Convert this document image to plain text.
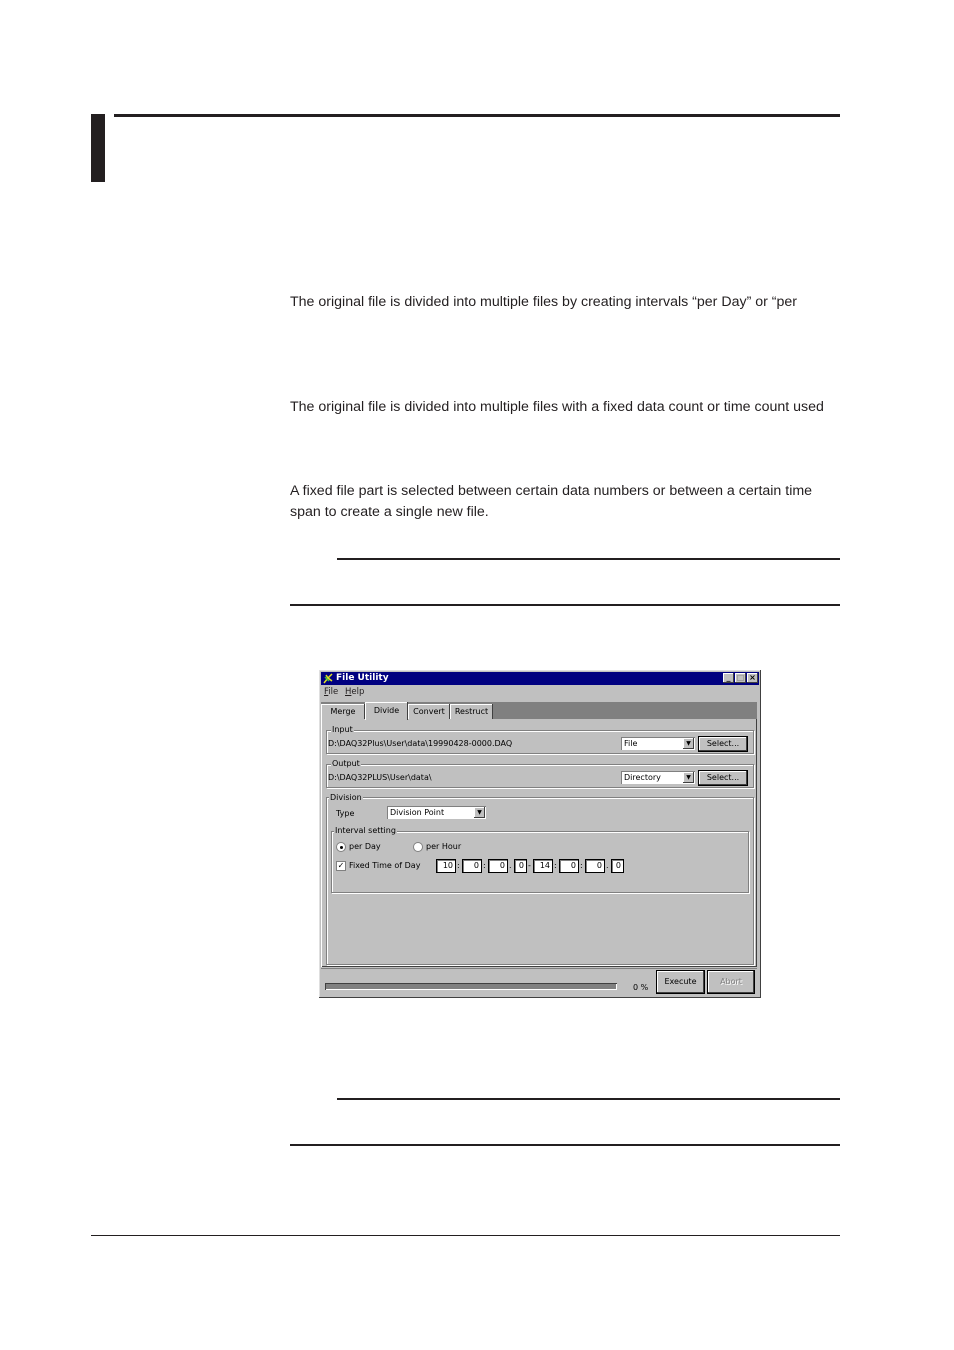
The original file is divided into multiple files by creating intervals “per Day” or “per
The original file is divided into multiple files with a fixed data count or time count used
A fixed file part is selected between certain data numbers or between a certain time
span to create a single new file.
File Utility	_ □ ×
File Help
Merge	Divide	Convert	Restruct
Input
D:\DAQ32Plus\User\data\19990428-0000.DAQ	File	▼	Select...
Output
D:\DAQ32PLUS\User\data\	Directory	▼	Select...
Division
Type	Division Point	▼
Interval setting
per Day	per Hour
✓ Fixed Time of Day	10 :	0 :	0 . 0 -	14 :	0 :	0 . 0
0 %
Execute	Abort
